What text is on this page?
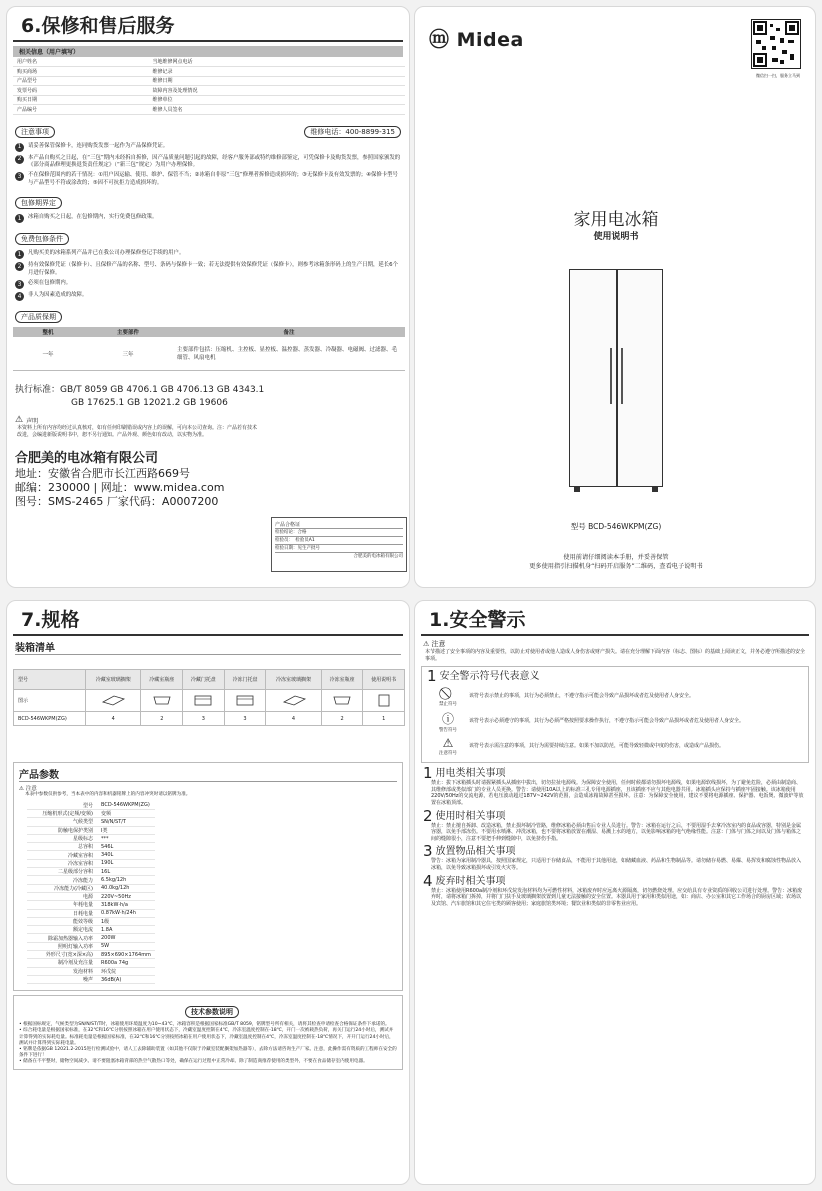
6.保修和售后服务
相关信息（用户填写）
用户姓名	当地维修网点电话
购买商场	维修记录
产品型号	维修日期
发票号码	故障内容及处理情况
购买日期	维修单位
产品编号	维修人员签名
注意事项	维修电话：400-8899-315
1	请妥善保管保修卡，连同购货发票一起作为产品保修凭证。
2	本产品自购买之日起，在“三包”期内未经拆自拆修，因产品质量问题引起的故障，经客户服务部或特约维修部鉴定，可凭保修卡及购货发票，参照国家颁发的《部分商品修理更换退货责任规定》（“新三包”规定）为用户办理保修。
3	不在保修范围内的若干情况：①用户因运输、使用、维护、保管不当；②冰箱自非原“三包”修理者拆修造成损坏的；③无保修卡及有效发票的；④保修卡型号与产品型号不符或涂改的；⑤因不可抗拒力造成损坏的。
包修期界定
1	冰箱自购买之日起，在包修期内，实行免费包修政策。
免费包修条件
1	凡购买美的冰箱系列产品并已在我公司办理保修登记手续的用户。
2	持有效保修凭证（保修卡）、且保修产品的名称、型号、条码与保修卡一致；若无法提供有效保修凭证（保修卡），则参考冰箱条形码上的生产日期，延长6个月进行保修。
3	必须在包修期内。
4	非人为因素造成的故障。
产品质保期
整机	主要部件	备注
一年	三年	主要部件包括：压缩机、主控板、显控板、温控器、蒸发器、冷凝器、电磁阀、过滤器、毛细管、风扇电机
执行标准：GB/T 8059 GB 4706.1 GB 4706.13 GB 4343.1
GB 17625.1 GB 12021.2 GB 19606
⚠ 声明
本资料上所有内容均经过认真核对，如有任何印刷错误或内容上的误解，可向本公司查询。注：产品若有技术改进，会编进新版说明书中，恕不另行通知。产品外观、颜色如有改动，以实物为准。
合肥美的电冰箱有限公司
地址：安徽省合肥市长江西路669号
邮编：230000 | 网址：www.midea.com
图号：SMS-2465 厂家代码：A0007200
产品合格证
检验结论：合格
检验员：　检验员A1
检验日期：见生产批号
合肥美的电冰箱有限公司
ⓜ Midea
微信扫一扫，服务立马到
家用电冰箱
使用说明书
型号 BCD-546WKPM(ZG)
使用前请仔细阅读本手册，并妥善保管
更多使用指引扫描机身“扫码开启服务”二维码，查看电子说明书
7.规格
装箱清单
型号	冷藏室玻璃搁架	冷藏室瓶座	冷藏门托盘	冷冻门托盘	冷冻室玻璃搁架	冷冻室瓶座	使用说明书
图示							
BCD-546WKPM(ZG)	4	2	3	3	4	2	1
产品参数
⚠ 注意
本表中参数仅供参考，当本表中的内容和机器铭牌上的内容冲突时请以铭牌为准。
型号	BCD-546WKPM(ZG)
压缩机形式(定频/变频)	变频
气候类型	SN/N/ST/T
防触电保护类别	I类
星级标志	***
总容积	546L
冷藏室容积	340L
冷冻室容积	190L
二星级部分容积	16L
冷冻能力	6.5kg/12h
冷冻能力(冷藏区)	40.0kg/12h
电源	220V~50Hz
年耗电量	318kW·h/a
日耗电量	0.87kW·h/24h
能效等级	1级
额定电流	1.8A
除霜加热器输入功率	200W
照明灯输入功率	5W
外形尺寸(宽×深×高)	895×690×1764mm
制冷剂及充注量	R600a 74g
发泡材料	环戊烷
噪声	36dB(A)
技术参数说明
• 根据国标规定，气候类型为SN/N/ST/T时，冰箱使用环境温度为10~43℃，冰箱容积是根据国家标准GB/T 8059，铭牌型号所有相关，请将其检查申请检查合格保证条件下承诺的。
• 综合耗电量是根据国家标准，在32℃和16℃分别按照冰箱在用户使用状态下，冷藏室温度控制在4℃，冷冻室温度控制在-18℃，开门一次被载热负荷，再关门运行24小时后，测试并计算得到的实际耗电量。标准耗电量是根据国家标准，在32℃和16℃分别按照冰箱在用户使用状态下，冷藏室温度控制在4℃，冷冻室温度控制在-18℃情况下，开开门运行24小时后，测试并计算得到实际耗电量。
• 铭牌是依据GB 12021.2-2015进行检测试验中，请人工去除辅助装置（如其他不仅限于冷藏室装配搁架加热器等），去除方法请咨询生产厂家。注意，此操作需有资质的工程师在安全的条件下进行！
• 储备在不平整时，储物空间减少。请不要阻塞冰箱背部的热空气散热口等处，确保在运行过程中正常冷却。除了制造商推荐使用的类型外，不要在食品储存室内使用电器。
1.安全警示
⚠ 注意
本节描述了安全事项的内容及重要性，以防止对使用者或他人造成人身伤害或财产损失。请在充分理解下面内容（标志、图标）的基础上阅读正文，并务必遵守所描述的安全事项。
1 安全警示符号代表意义
禁止符号
该符号表示禁止的事项，其行为必须禁止，不遵守指示可能会导致产品损坏或者危及使用者人身安全。
ⓘ
警告符号
该符号表示必须遵守的事项，其行为必须严格按照要求操作执行，不遵守指示可能会导致产品损坏或者危及使用者人身安全。
⚠
注意符号
该符号表示需注意的事项，其行为需要持续注意。如果不加以防范，可能导致轻微或中度的伤害，或造成产品损伤。
1 用电类相关事项
禁止：拔下冰箱插头时请握紧插头从插座中拔出，切勿拉扯电源线。为保障安全使用，任何时候都请勿损坏电源线，如果电源软线损坏，为了避免危险，必须由制造商、其维修部或类似部门的专业人员更换。警告：请使用10A以上的标准三孔专用电源插座，且该插座不应与其他电器共用。冰箱插头应保持与插座牢固接触。该冰箱使用220V/50Hz的交流电源，若电压波动超过187V~242V的范围，会造成冰箱故障甚至损坏。注意：为保障安全使用，建议不要将电源插座、保护器、电饭煲、微波炉等放置在冰箱顶部。
2 使用时相关事项
禁止：禁止擅自拆卸、改造冰箱，禁止损坏制冷管路，维修冰箱必须由售后专业人员进行。警告：冰箱在运行之后，不要用湿手去拿冷冻室内的食品或容器，特别是金属容器，以免手部冻伤。不要用水喷淋、冲洗冰箱，也不要将冰箱放置在潮湿、易溅上水的地方，以免影响冰箱的电气绝缘性能。注意：门体与门体之间以及门体与箱体之间的缝隙很小，注意不要把手伸到缝隙中，以免挤伤手指。
3 放置物品相关事项
警告：冰箱为家用制冷器具，按照国家规定，只适用于存储食品，不能用于其他用途，如储藏血液、药品和生物制品等。请勿储存易燃、易爆、易挥发和腐蚀性物品放入冰箱，以免导致冰箱损坏或引发火灾等。
4 废弃时相关事项
禁止：冰箱使用R600a制冷剂和环戊烷发泡材料均为可燃性材料，冰箱废弃时应远离火源隔离，切勿燃烧处理。应交给具有专业资质的回收公司进行处理。警告：冰箱废弃时，请将冰箱门拆掉，并将门门扶手及玻璃搁架放置到儿童无法接触的安全位置。本器具用于家用和类似用途，如：商店、办公室和其它工作场合的厨房区域；农场以及宾馆、汽车旅馆和其它住宅类的顾客使用；家庭旅馆类环境；餐饮业和类似的非零售业应用。
